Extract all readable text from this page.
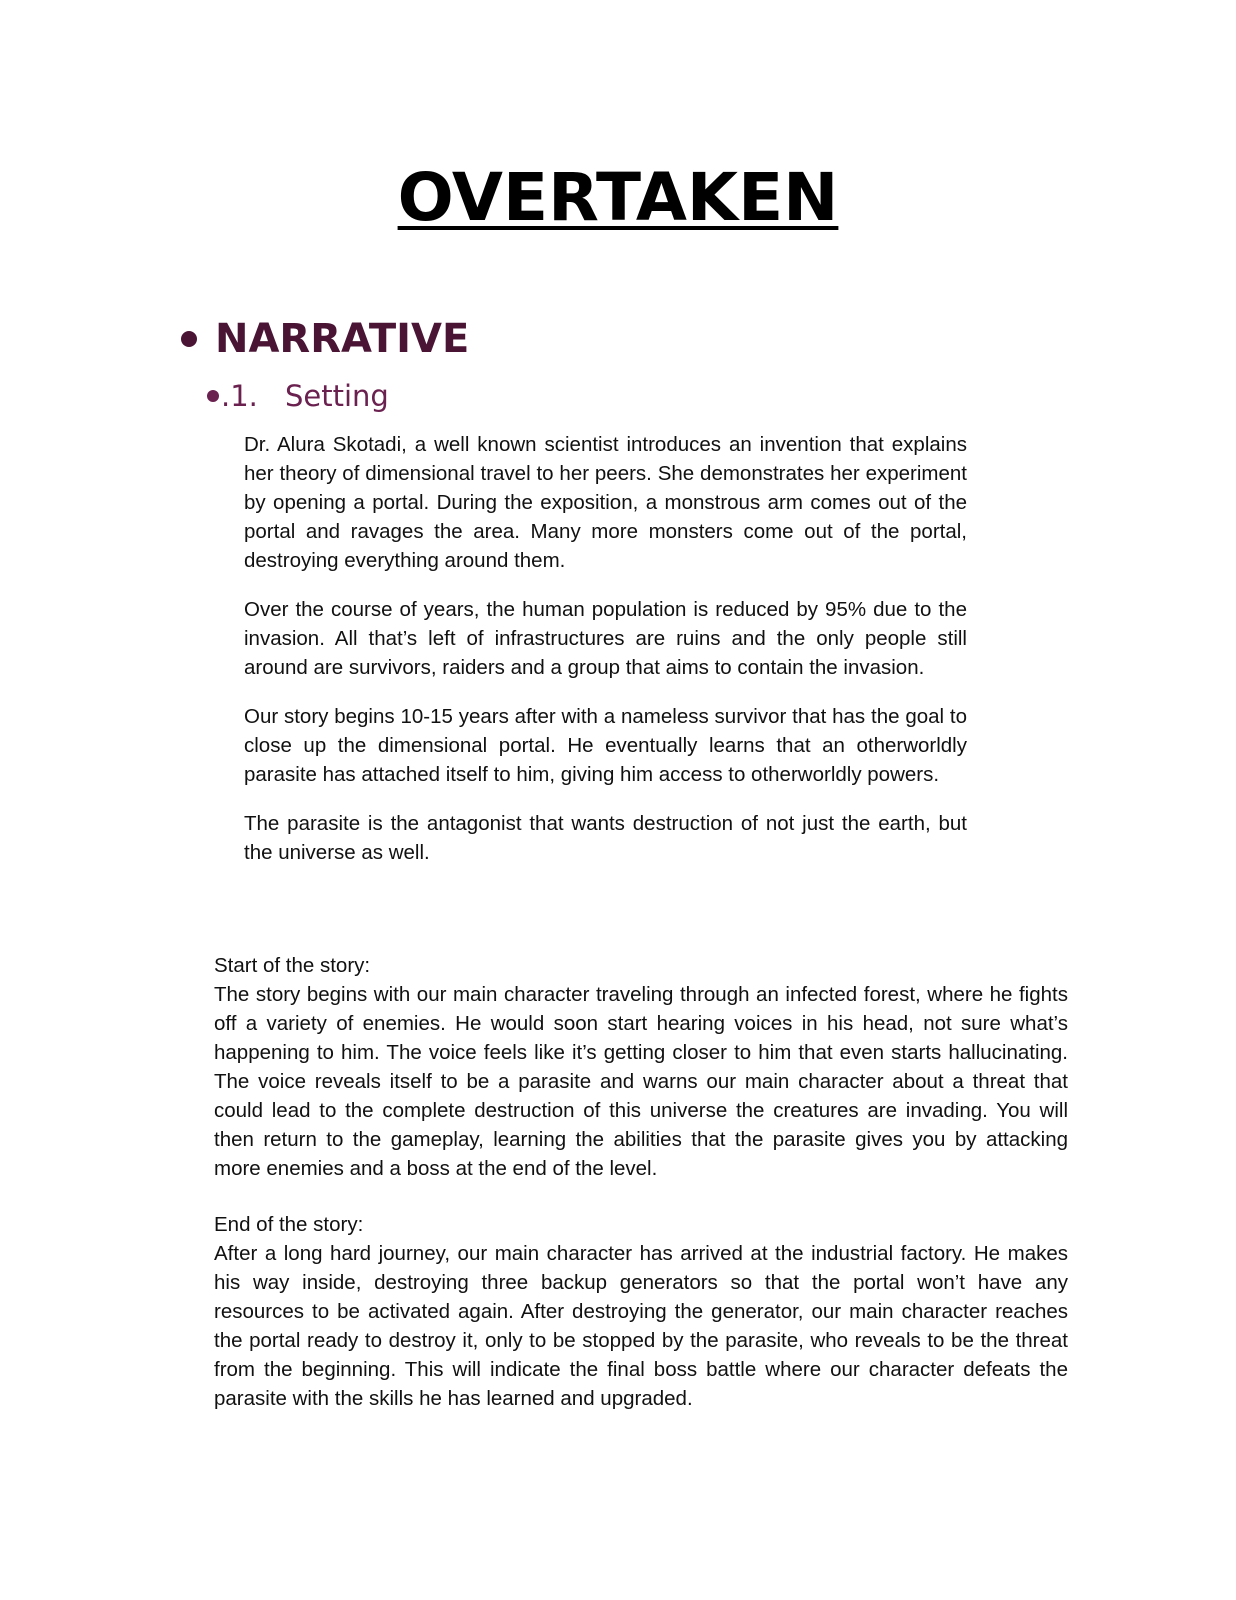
OVERTAKEN
NARRATIVE
.1. Setting

Dr. Alura Skotadi, a well known scientist introduces an invention that explains her theory of dimensional travel to her peers. She demonstrates her experiment by opening a portal. During the exposition, a monstrous arm comes out of the portal and ravages the area. Many more monsters come out of the portal, destroying everything around them.

Over the course of years, the human population is reduced by 95% due to the invasion. All that’s left of infrastructures are ruins and the only people still around are survivors, raiders and a group that aims to contain the invasion.

Our story begins 10-15 years after with a nameless survivor that has the goal to close up the dimensional portal. He eventually learns that an otherworldly parasite has attached itself to him, giving him access to otherworldly powers.

The parasite is the antagonist that wants destruction of not just the earth, but the universe as well.

Start of the story:

The story begins with our main character traveling through an infected forest, where he fights off a variety of enemies. He would soon start hearing voices in his head, not sure what’s happening to him. The voice feels like it’s getting closer to him that even starts hallucinating. The voice reveals itself to be a parasite and warns our main character about a threat that could lead to the complete destruction of this universe the creatures are invading. You will then return to the gameplay, learning the abilities that the parasite gives you by attacking more enemies and a boss at the end of the level.

End of the story:

After a long hard journey, our main character has arrived at the industrial factory. He makes his way inside, destroying three backup generators so that the portal won’t have any resources to be activated again. After destroying the generator, our main character reaches the portal ready to destroy it, only to be stopped by the parasite, who reveals to be the threat from the beginning. This will indicate the final boss battle where our character defeats the parasite with the skills he has learned and upgraded.
